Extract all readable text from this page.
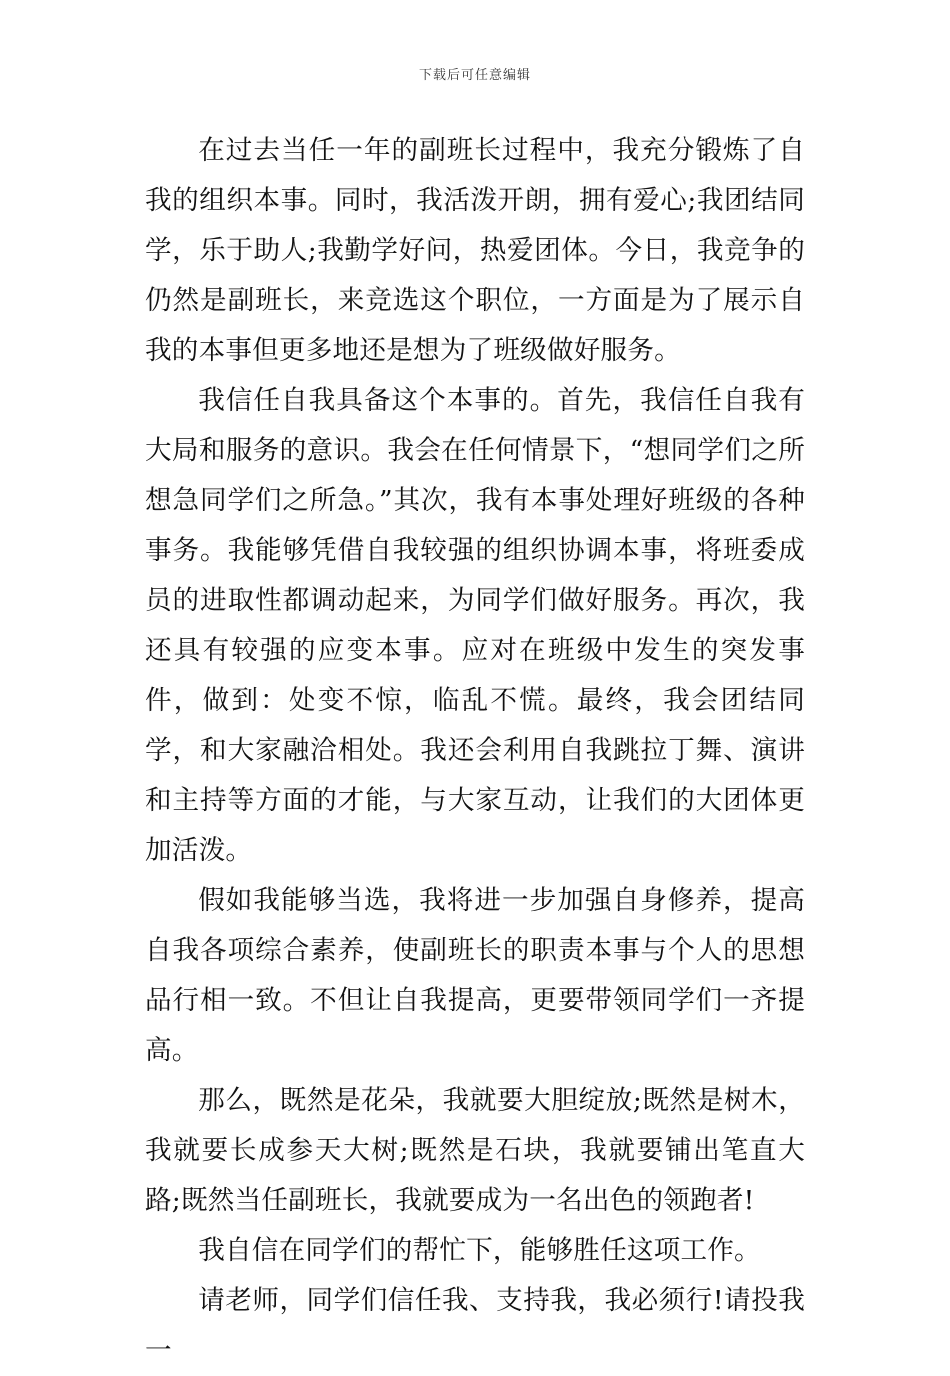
下载后可任意编辑

在过去当任一年的副班长过程中，我充分锻炼了自我的组织本事。同时，我活泼开朗，拥有爱心;我团结同学，乐于助人;我勤学好问，热爱团体。今日，我竞争的仍然是副班长，来竞选这个职位，一方面是为了展示自我的本事但更多地还是想为了班级做好服务。

我信任自我具备这个本事的。首先，我信任自我有大局和服务的意识。我会在任何情景下，“想同学们之所想急同学们之所急。”其次，我有本事处理好班级的各种事务。我能够凭借自我较强的组织协调本事，将班委成员的进取性都调动起来，为同学们做好服务。再次，我还具有较强的应变本事。应对在班级中发生的突发事件，做到：处变不惊，临乱不慌。最终，我会团结同学，和大家融洽相处。我还会利用自我跳拉丁舞、演讲和主持等方面的才能，与大家互动，让我们的大团体更加活泼。

假如我能够当选，我将进一步加强自身修养，提高自我各项综合素养，使副班长的职责本事与个人的思想品行相一致。不但让自我提高，更要带领同学们一齐提高。

那么，既然是花朵，我就要大胆绽放;既然是树木，我就要长成参天大树;既然是石块，我就要铺出笔直大路;既然当任副班长，我就要成为一名出色的领跑者!

我自信在同学们的帮忙下，能够胜任这项工作。

请老师，同学们信任我、支持我，我必须行!请投我一
